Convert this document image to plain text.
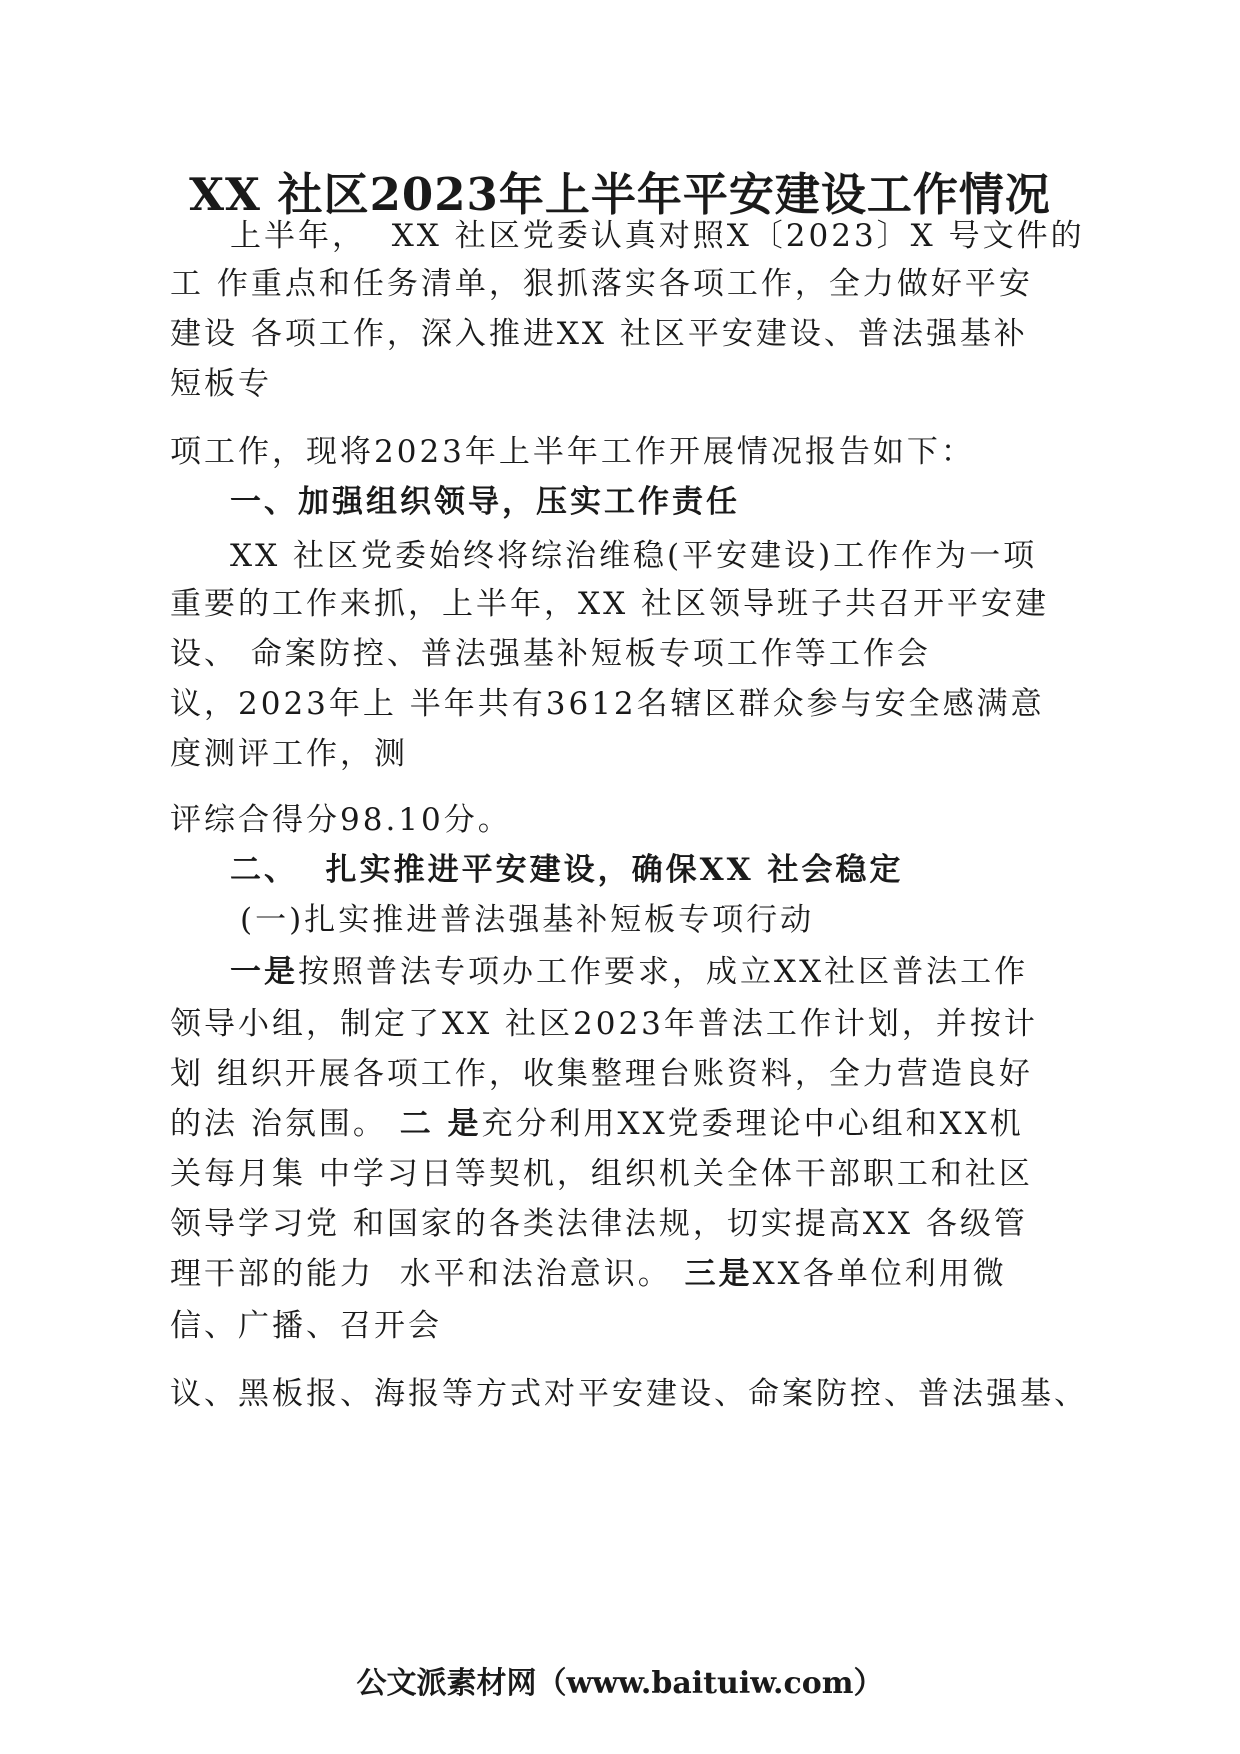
XX 社区2023年上半年平安建设工作情况
上半年，  XX 社区党委认真对照X〔2023〕X 号文件的
工 作重点和任务清单，狠抓落实各项工作，全力做好平安
建设 各项工作，深入推进XX 社区平安建设、普法强基补
短板专
项工作，现将2023年上半年工作开展情况报告如下：
一、加强组织领导，压实工作责任
XX 社区党委始终将综治维稳(平安建设)工作作为一项
重要的工作来抓，上半年，XX 社区领导班子共召开平安建
设、 命案防控、普法强基补短板专项工作等工作会
议，2023年上 半年共有3612名辖区群众参与安全感满意
度测评工作，测
评综合得分98.10分。
二、  扎实推进平安建设，确保XX 社会稳定
(一)扎实推进普法强基补短板专项行动
一是按照普法专项办工作要求，成立XX社区普法工作
领导小组，制定了XX 社区2023年普法工作计划，并按计
划 组织开展各项工作，收集整理台账资料，全力营造良好
的法 治氛围。 二 是充分利用XX党委理论中心组和XX机
关每月集 中学习日等契机，组织机关全体干部职工和社区
领导学习党 和国家的各类法律法规，切实提高XX 各级管
理干部的能力  水平和法治意识。 三是XX各单位利用微
信、广播、召开会
议、黑板报、海报等方式对平安建设、命案防控、普法强基、
公文派素材网（www.baituiw.com）
